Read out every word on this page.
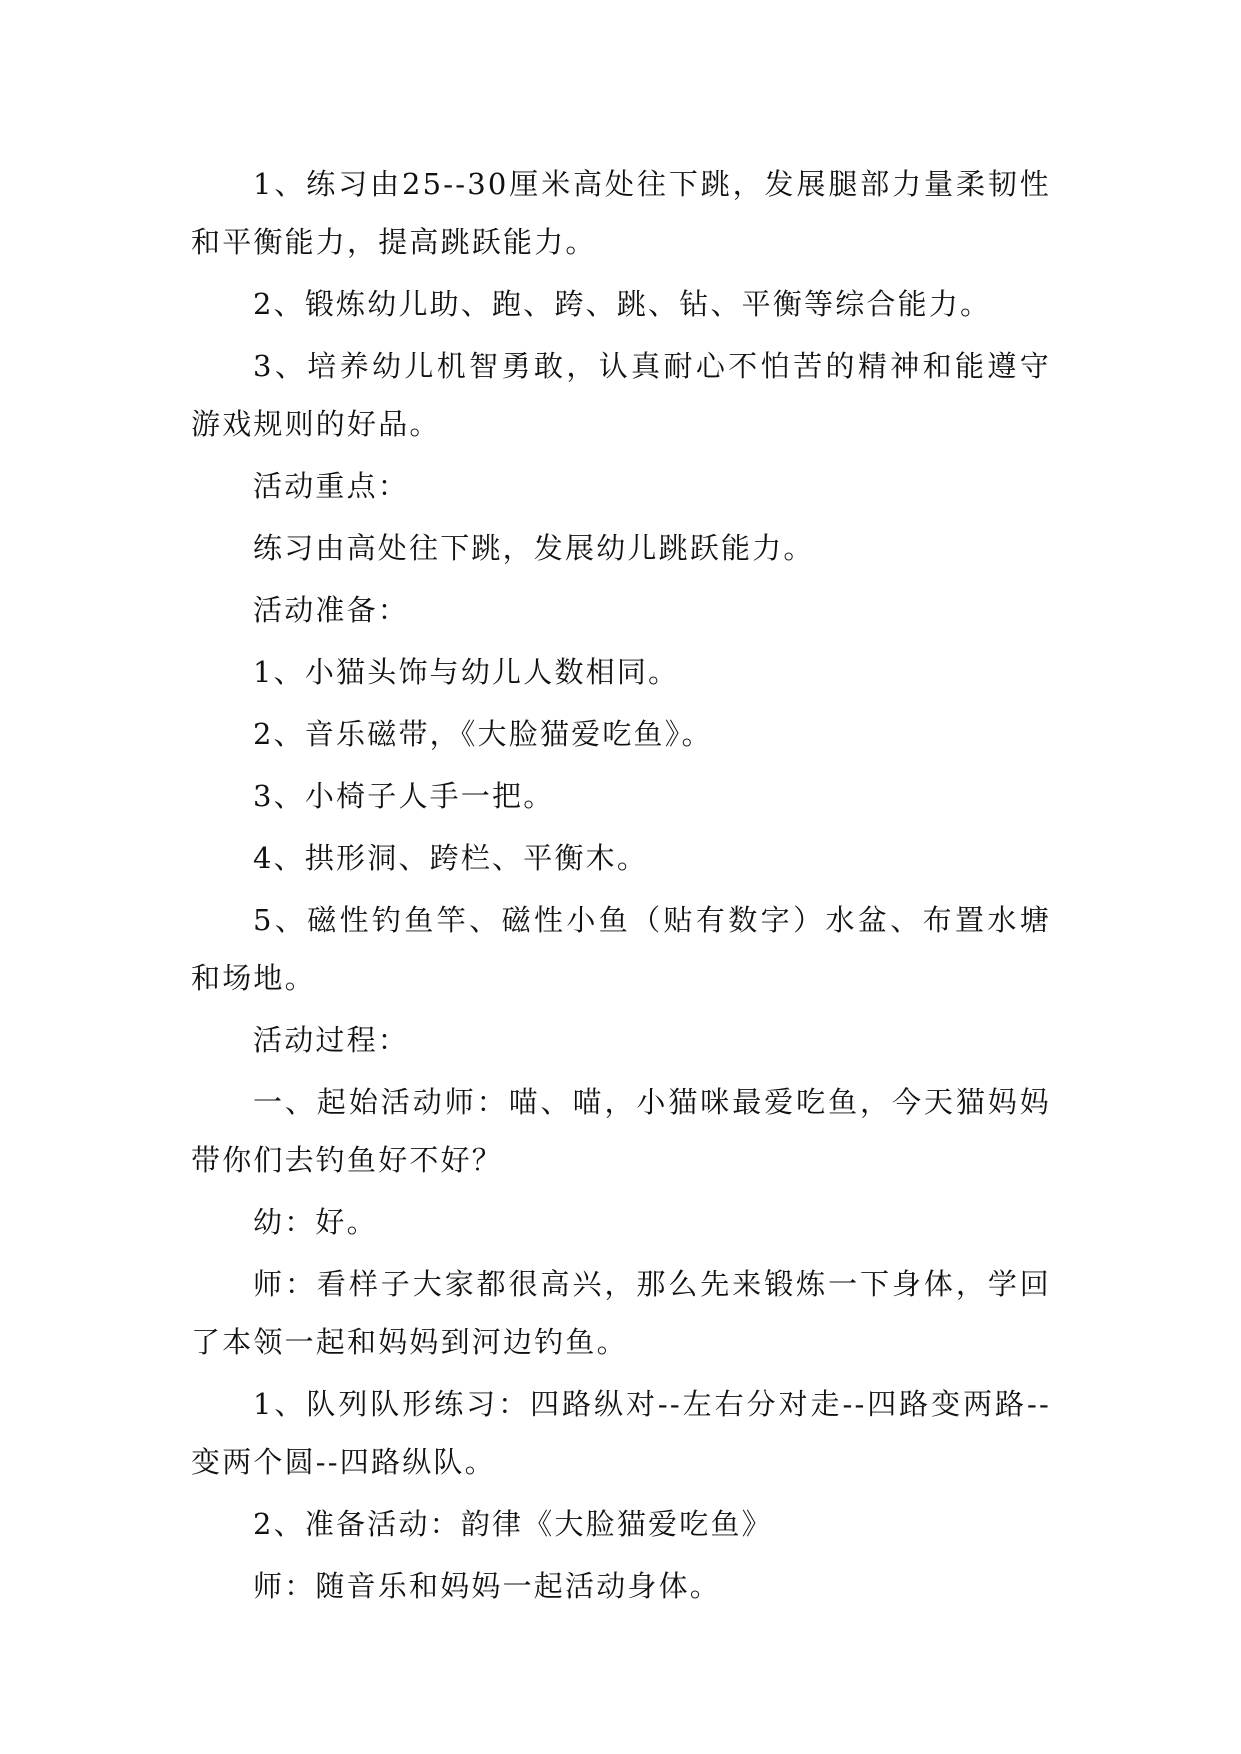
1、练习由25--30厘米高处往下跳，发展腿部力量柔韧性和平衡能力，提高跳跃能力。

2、锻炼幼儿助、跑、跨、跳、钻、平衡等综合能力。

3、培养幼儿机智勇敢，认真耐心不怕苦的精神和能遵守游戏规则的好品。

活动重点：

练习由高处往下跳，发展幼儿跳跃能力。

活动准备：

1、小猫头饰与幼儿人数相同。

2、音乐磁带，《大脸猫爱吃鱼》。

3、小椅子人手一把。

4、拱形洞、跨栏、平衡木。

5、磁性钓鱼竿、磁性小鱼（贴有数字）水盆、布置水塘和场地。

活动过程：

一、起始活动师：喵、喵，小猫咪最爱吃鱼，今天猫妈妈带你们去钓鱼好不好？

幼：好。

师：看样子大家都很高兴，那么先来锻炼一下身体，学回了本领一起和妈妈到河边钓鱼。

1、队列队形练习：四路纵对--左右分对走--四路变两路--变两个圆--四路纵队。

2、准备活动：韵律《大脸猫爱吃鱼》

师：随音乐和妈妈一起活动身体。
